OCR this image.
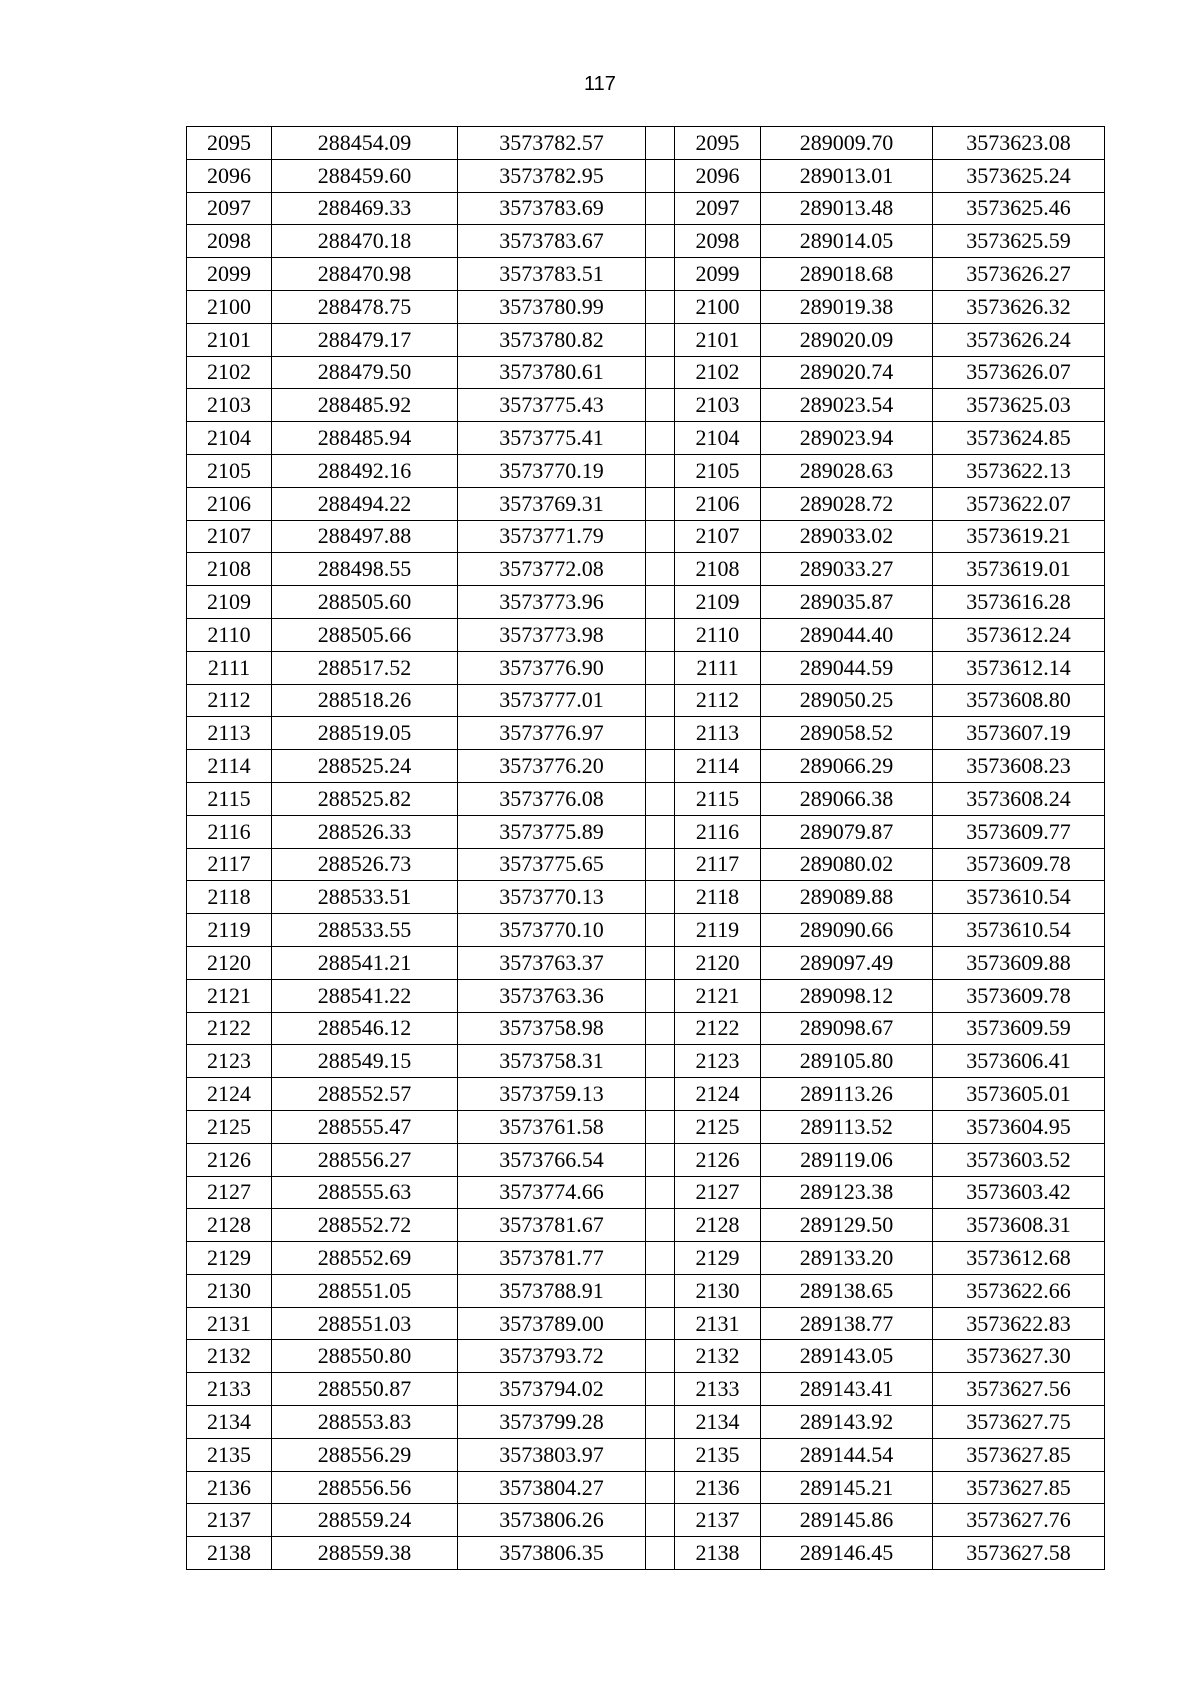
117
2095	288454.09	3573782.57		2095	289009.70	3573623.08
2096	288459.60	3573782.95		2096	289013.01	3573625.24
2097	288469.33	3573783.69		2097	289013.48	3573625.46
2098	288470.18	3573783.67		2098	289014.05	3573625.59
2099	288470.98	3573783.51		2099	289018.68	3573626.27
2100	288478.75	3573780.99		2100	289019.38	3573626.32
2101	288479.17	3573780.82		2101	289020.09	3573626.24
2102	288479.50	3573780.61		2102	289020.74	3573626.07
2103	288485.92	3573775.43		2103	289023.54	3573625.03
2104	288485.94	3573775.41		2104	289023.94	3573624.85
2105	288492.16	3573770.19		2105	289028.63	3573622.13
2106	288494.22	3573769.31		2106	289028.72	3573622.07
2107	288497.88	3573771.79		2107	289033.02	3573619.21
2108	288498.55	3573772.08		2108	289033.27	3573619.01
2109	288505.60	3573773.96		2109	289035.87	3573616.28
2110	288505.66	3573773.98		2110	289044.40	3573612.24
2111	288517.52	3573776.90		2111	289044.59	3573612.14
2112	288518.26	3573777.01		2112	289050.25	3573608.80
2113	288519.05	3573776.97		2113	289058.52	3573607.19
2114	288525.24	3573776.20		2114	289066.29	3573608.23
2115	288525.82	3573776.08		2115	289066.38	3573608.24
2116	288526.33	3573775.89		2116	289079.87	3573609.77
2117	288526.73	3573775.65		2117	289080.02	3573609.78
2118	288533.51	3573770.13		2118	289089.88	3573610.54
2119	288533.55	3573770.10		2119	289090.66	3573610.54
2120	288541.21	3573763.37		2120	289097.49	3573609.88
2121	288541.22	3573763.36		2121	289098.12	3573609.78
2122	288546.12	3573758.98		2122	289098.67	3573609.59
2123	288549.15	3573758.31		2123	289105.80	3573606.41
2124	288552.57	3573759.13		2124	289113.26	3573605.01
2125	288555.47	3573761.58		2125	289113.52	3573604.95
2126	288556.27	3573766.54		2126	289119.06	3573603.52
2127	288555.63	3573774.66		2127	289123.38	3573603.42
2128	288552.72	3573781.67		2128	289129.50	3573608.31
2129	288552.69	3573781.77		2129	289133.20	3573612.68
2130	288551.05	3573788.91		2130	289138.65	3573622.66
2131	288551.03	3573789.00		2131	289138.77	3573622.83
2132	288550.80	3573793.72		2132	289143.05	3573627.30
2133	288550.87	3573794.02		2133	289143.41	3573627.56
2134	288553.83	3573799.28		2134	289143.92	3573627.75
2135	288556.29	3573803.97		2135	289144.54	3573627.85
2136	288556.56	3573804.27		2136	289145.21	3573627.85
2137	288559.24	3573806.26		2137	289145.86	3573627.76
2138	288559.38	3573806.35		2138	289146.45	3573627.58
